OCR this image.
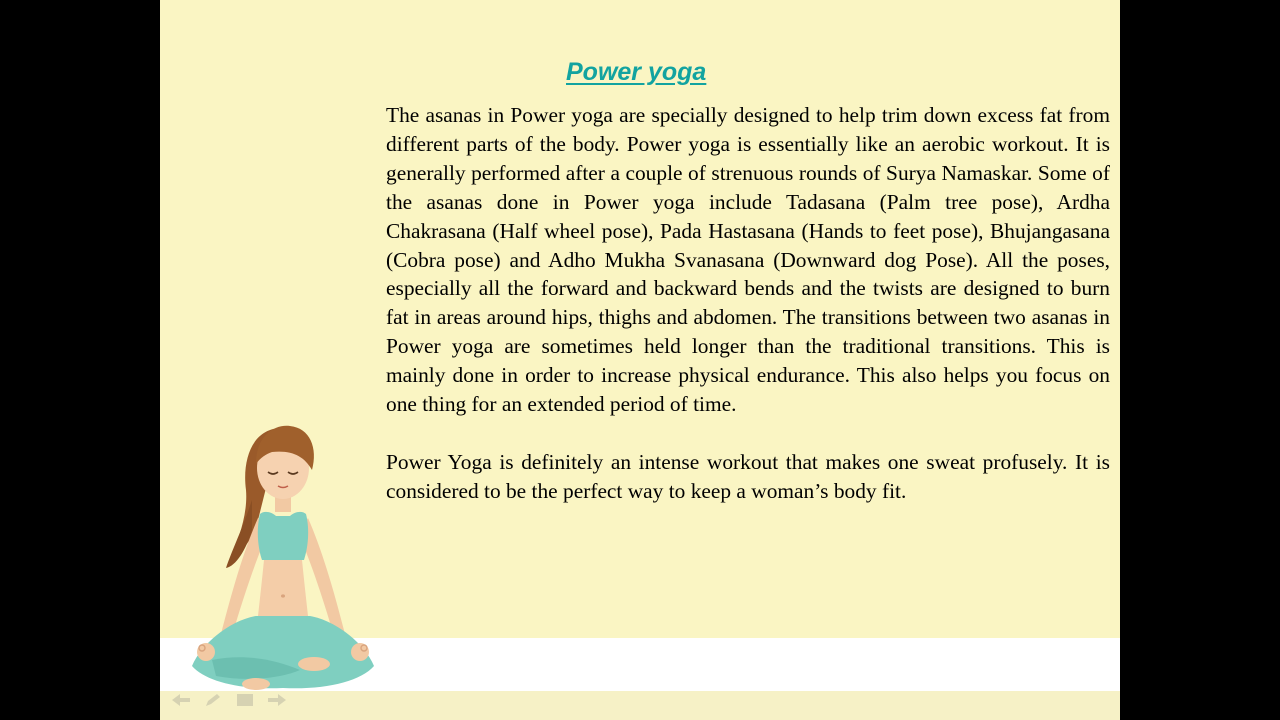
Power yoga

The asanas in Power yoga are specially designed to help trim down excess fat from different parts of the body. Power yoga is essentially like an aerobic workout. It is generally performed after a couple of strenuous rounds of Surya Namaskar. Some of the asanas done in Power yoga include Tadasana (Palm tree pose), Ardha Chakrasana (Half wheel pose), Pada Hastasana (Hands to feet pose), Bhujangasana (Cobra pose) and Adho Mukha Svanasana (Downward dog Pose). All the poses, especially all the forward and backward bends and the twists are designed to burn fat in areas around hips, thighs and abdomen. The transitions between two asanas in Power yoga are sometimes held longer than the traditional transitions. This is mainly done in order to increase physical endurance. This also helps you focus on one thing for an extended period of time.

Power Yoga is definitely an intense workout that makes one sweat profusely. It is considered to be the perfect way to keep a woman’s body fit.
